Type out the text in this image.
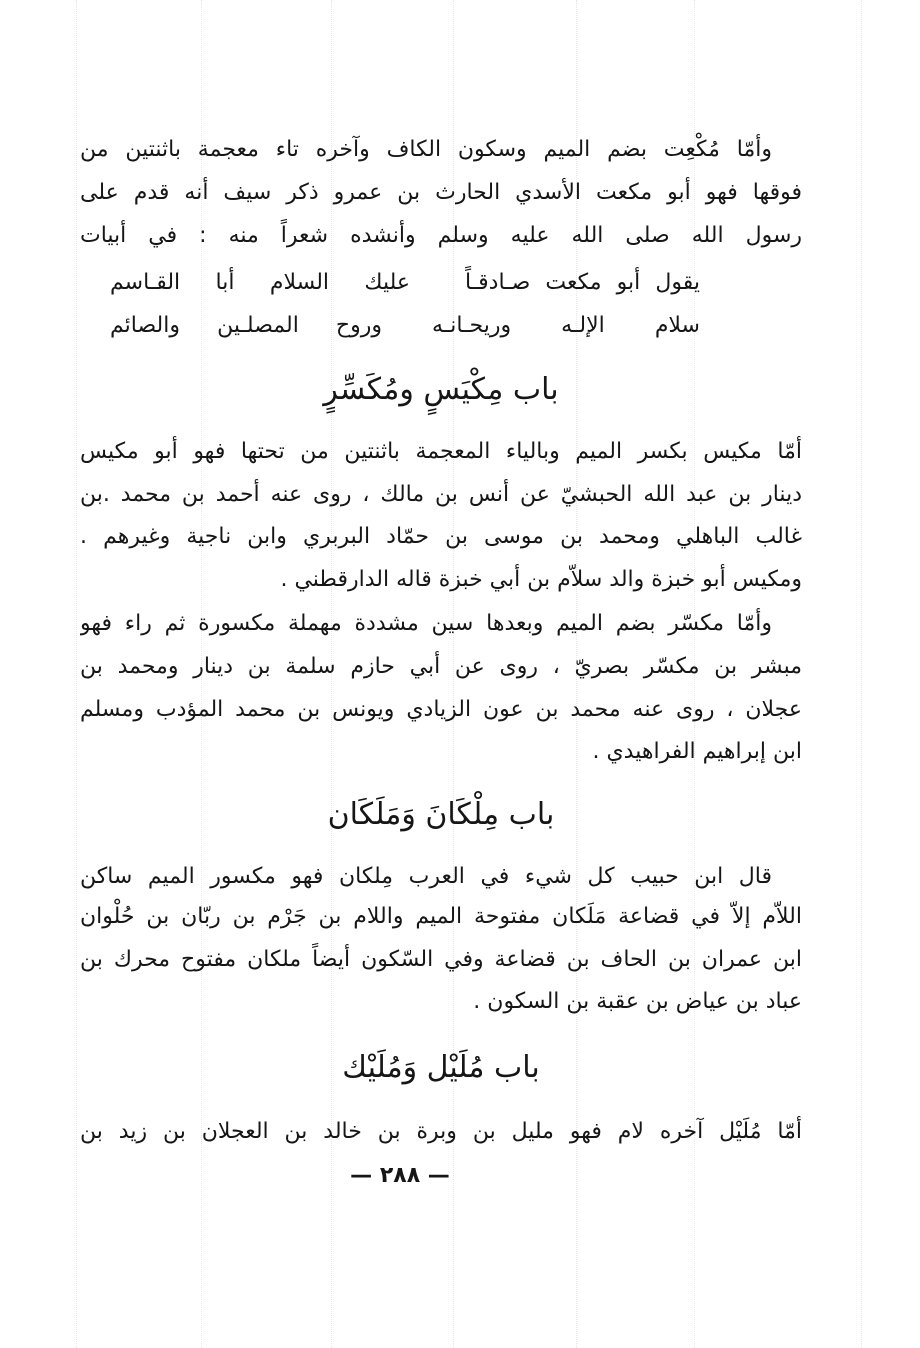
وأمّا مُكْعِت بضم الميم وسكون الكاف وآخره تاء معجمة باثنتين من
فوقها فهو أبو مكعت الأسدي الحارث بن عمرو ذكر سيف أنه قدم على
رسول الله صلى الله عليه وسلم وأنشده شعراً منه : في أبيات
يقول أبو مكعت صـادقـاً
عليك السلام أبا القـاسم
سلام الإلـه وريحـانـه
وروح المصلـين والصائم
باب مِكْيَسٍ ومُكَسِّرٍ
أمّا مكيس بكسر الميم وبالياء المعجمة باثنتين من تحتها فهو أبو مكيس
دينار بن عبد الله الحبشيّ عن أنس بن مالك ، روى عنه أحمد بن محمد .بن
غالب الباهلي ومحمد بن موسى بن حمّاد البربري وابن ناجية وغيرهم .
ومكيس أبو خبزة والد سلاّم بن أبي خبزة قاله الدارقطني .
وأمّا مكسّر بضم الميم وبعدها سين مشددة مهملة مكسورة ثم راء فهو
مبشر بن مكسّر بصريّ ، روى عن أبي حازم سلمة بن دينار ومحمد بن
عجلان ، روى عنه محمد بن عون الزيادي ويونس بن محمد المؤدب ومسلم
ابن إبراهيم الفراهيدي .
باب مِلْكَانَ وَمَلَكَان
قال ابن حبيب كل شيء في العرب مِلكان فهو مكسور الميم ساكن
اللاّم إلاّ في قضاعة مَلَكان مفتوحة الميم واللام بن جَرْم بن ربّان بن حُلْوان
ابن عمران بن الحاف بن قضاعة وفي السّكون أيضاً ملكان مفتوح محرك بن
عباد بن عياض بن عقبة بن السكون .
باب مُلَيْل وَمُلَيْك
أمّا مُلَيْل آخره لام فهو مليل بن وبرة بن خالد بن العجلان بن زيد بن
— ٢٨٨ —
